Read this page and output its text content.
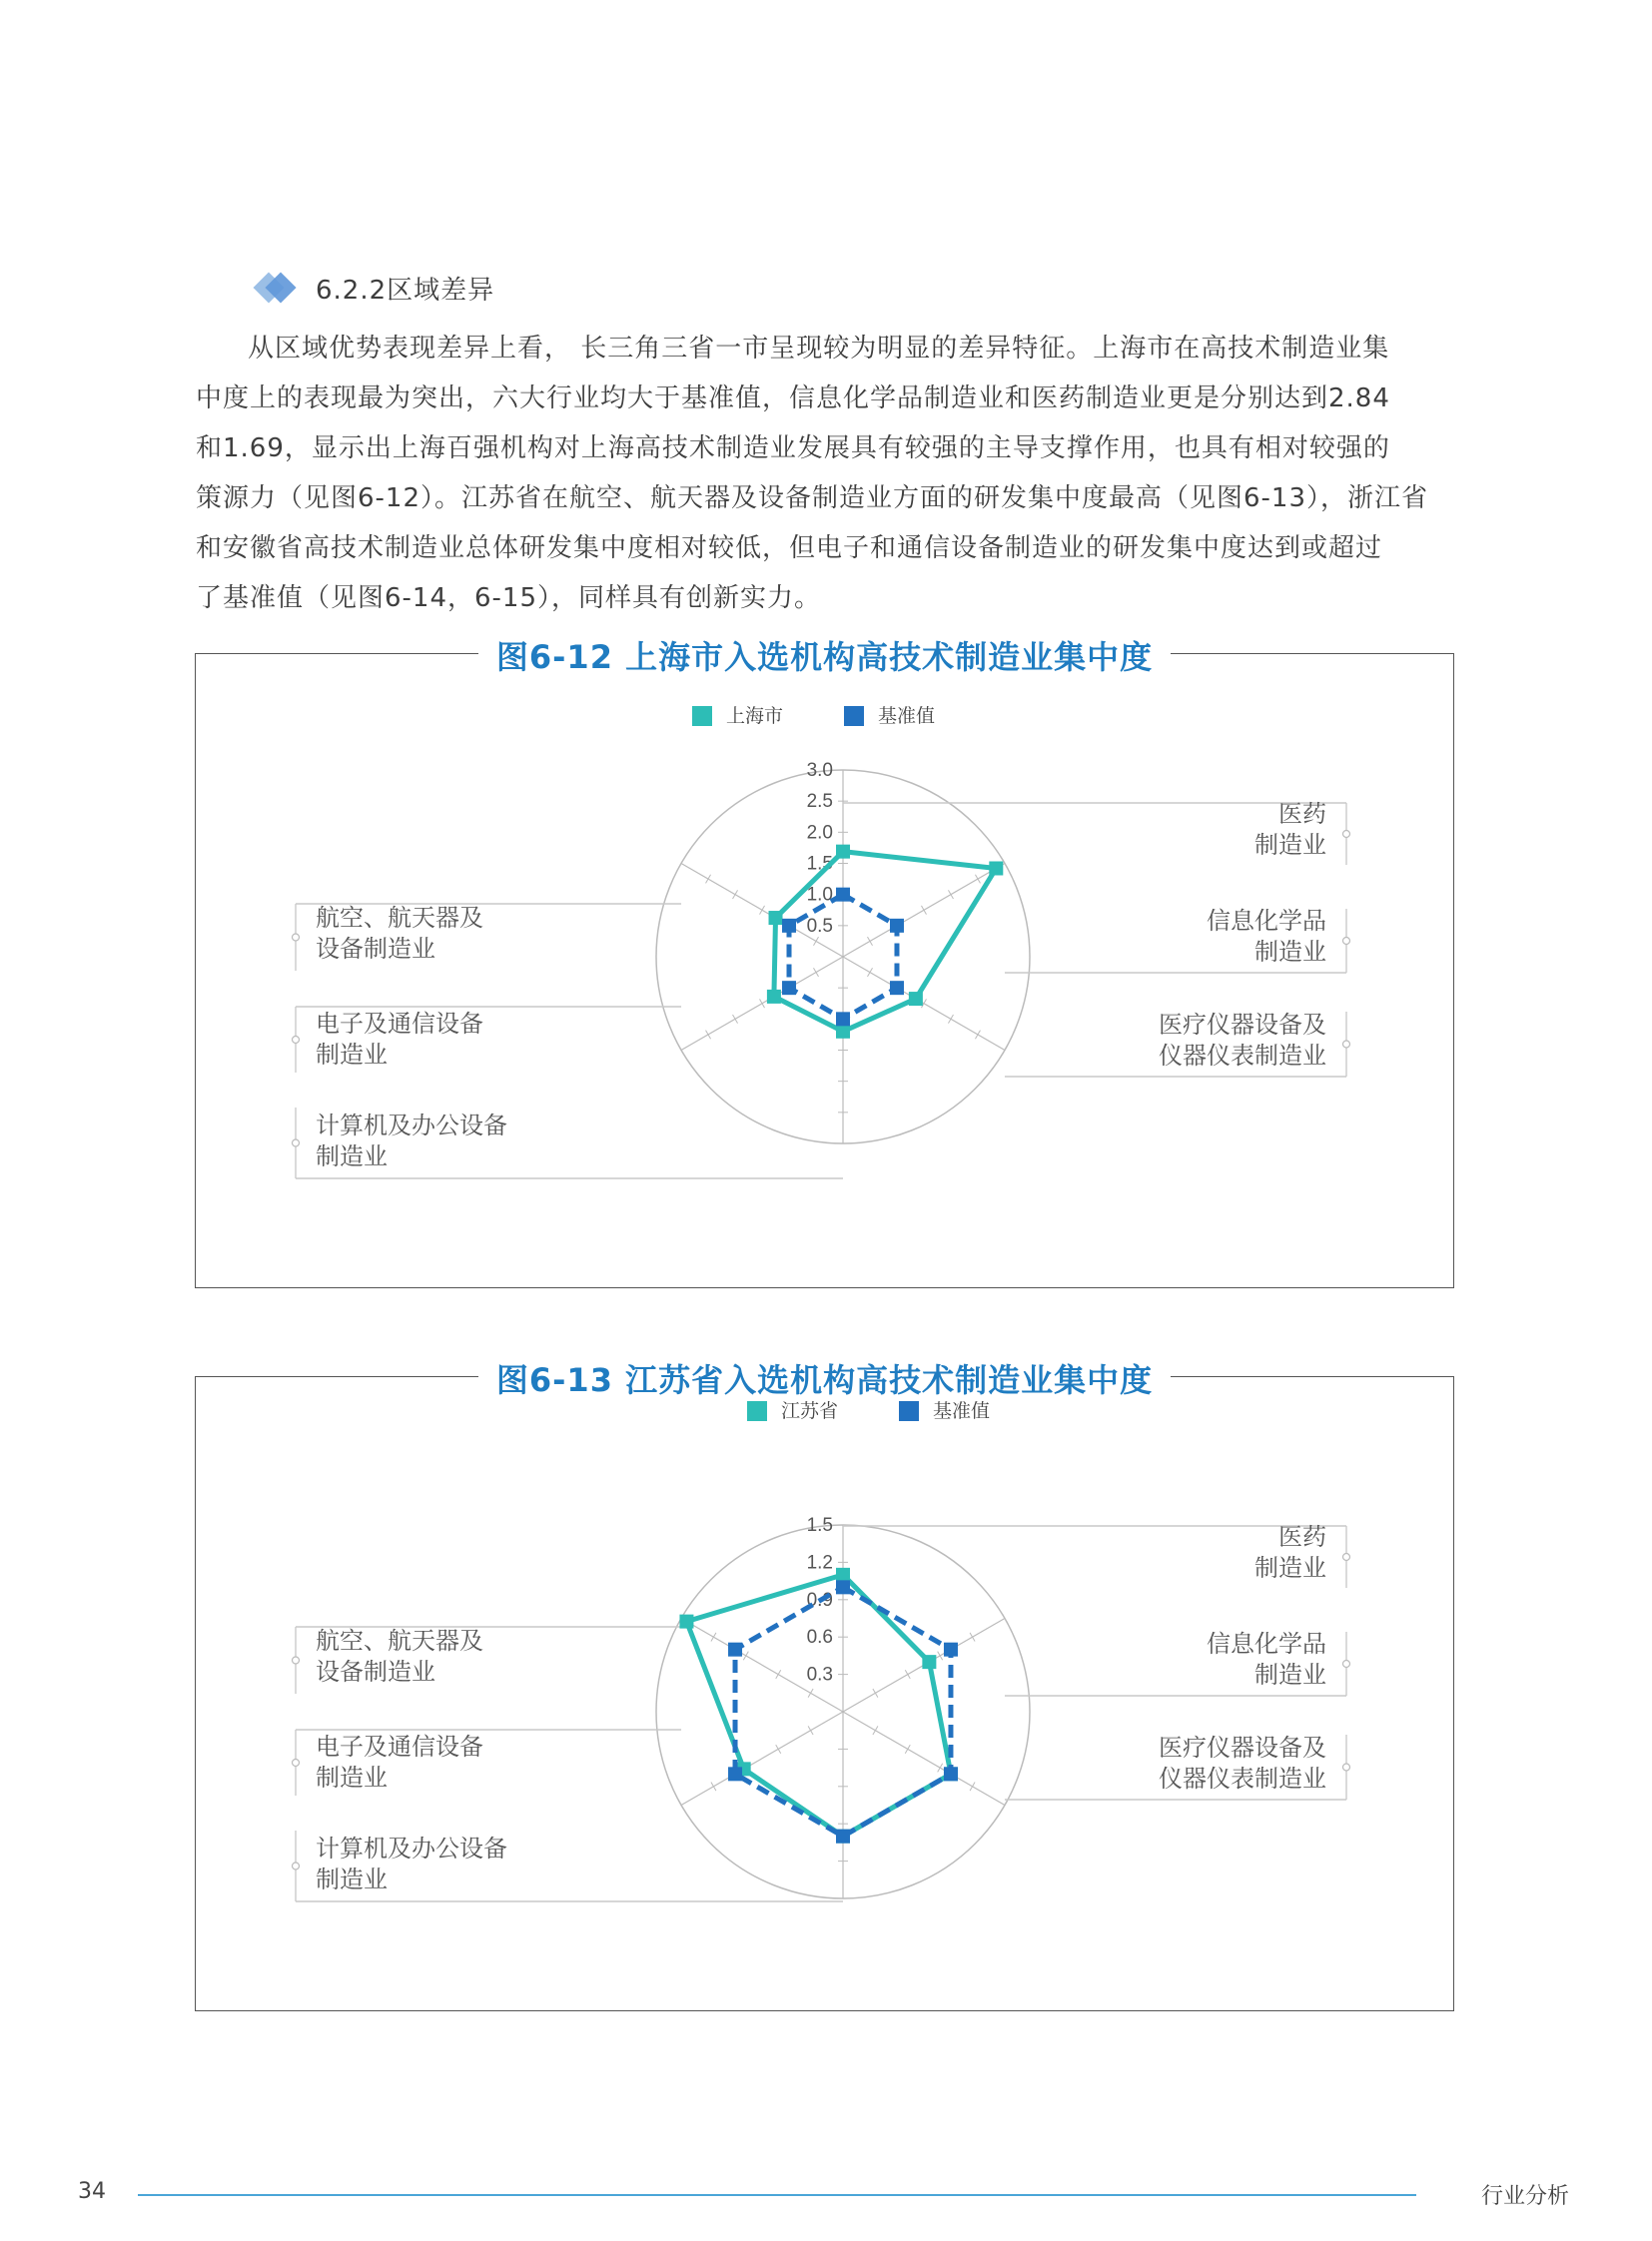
6.2.2区域差异

从区域优势表现差异上看， 长三角三省一市呈现较为明显的差异特征。上海市在高技术制造业集

中度上的表现最为突出，六大行业均大于基准值，信息化学品制造业和医药制造业更是分别达到2.84
和1.69，显示出上海百强机构对上海高技术制造业发展具有较强的主导支撑作用，也具有相对较强的
策源力（见图6-12）。江苏省在航空、航天器及设备制造业方面的研发集中度最高（见图6-13），浙江省
和安徽省高技术制造业总体研发集中度相对较低，但电子和通信设备制造业的研发集中度达到或超过
了基准值（见图6-14，6-15），同样具有创新实力。
图6-12 上海市入选机构高技术制造业集中度
上海市	基准值
0.5
1.0
1.5
2.0
2.5
3.0
医药
制造业
信息化学品
制造业
医疗仪器设备及
仪器仪表制造业
计算机及办公设备
制造业
电子及通信设备
制造业
航空、航天器及
设备制造业
图6-13 江苏省入选机构高技术制造业集中度
江苏省	基准值
0.3
0.6
0.9
1.2
1.5	医药
制造业
信息化学品
制造业
医疗仪器设备及
仪器仪表制造业
计算机及办公设备
制造业
电子及通信设备
制造业
航空、航天器及
设备制造业
34	行业分析
